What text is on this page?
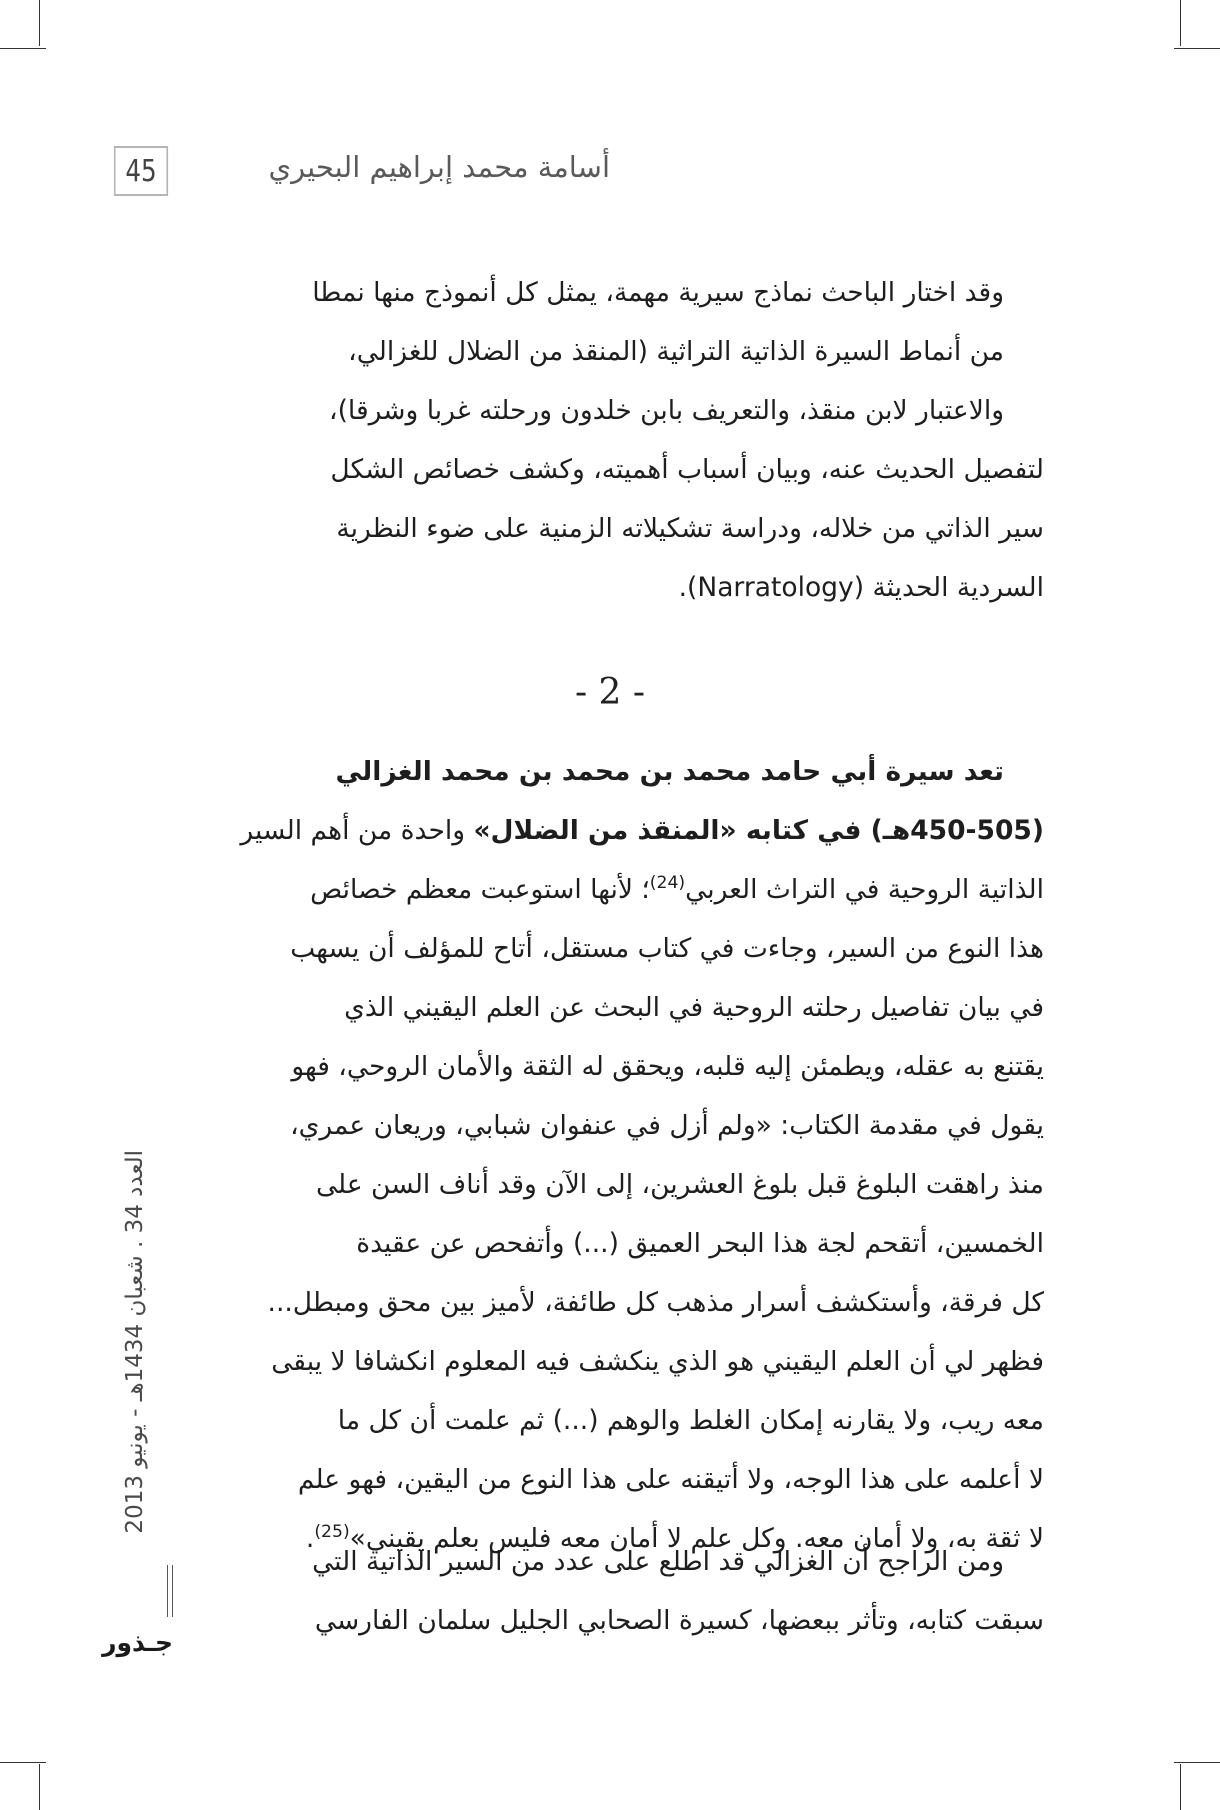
45	أسامة محمد إبراهيم البحيري

وقد اختار الباحث نماذج سيرية مهمة، يمثل كل أنموذج منها نمطا

من أنماط السيرة الذاتية التراثية (المنقذ من الضلال للغزالي،

والاعتبار لابن منقذ، والتعريف بابن خلدون ورحلته غربا وشرقا)،

لتفصيل الحديث عنه، وبيان أسباب أهميته، وكشف خصائص الشكل

سير الذاتي من خلاله، ودراسة تشكيلاته الزمنية على ضوء النظرية

السردية الحديثة (Narratology).

- 2 -

تعد سيرة أبي حامد محمد بن محمد بن محمد الغزالي

(450-505هـ) في كتابه «المنقذ من الضلال» واحدة من أهم السير

الذاتية الروحية في التراث العربي$^{(24)}$؛ لأنها استوعبت معظم خصائص

هذا النوع من السير، وجاءت في كتاب مستقل، أتاح للمؤلف أن يسهب

في بيان تفاصيل رحلته الروحية في البحث عن العلم اليقيني الذي

يقتنع به عقله، ويطمئن إليه قلبه، ويحقق له الثقة والأمان الروحي، فهو

يقول في مقدمة الكتاب: «ولم أزل في عنفوان شبابي، وريعان عمري،

منذ راهقت البلوغ قبل بلوغ العشرين، إلى الآن وقد أناف السن على

الخمسين، أتقحم لجة هذا البحر العميق (...) وأتفحص عن عقيدة

كل فرقة، وأستكشف أسرار مذهب كل طائفة، لأميز بين محق ومبطل...

فظهر لي أن العلم اليقيني هو الذي ينكشف فيه المعلوم انكشافا لا يبقى

معه ريب، ولا يقارنه إمكان الغلط والوهم (...) ثم علمت أن كل ما

لا أعلمه على هذا الوجه، ولا أتيقنه على هذا النوع من اليقين، فهو علم

لا ثقة به، ولا أمان معه. وكل علم لا أمان معه فليس بعلم يقيني»$^{(25)}$.

ومن الراجح أن الغزالي قد اطلع على عدد من السير الذاتية التي

سبقت كتابه، وتأثر ببعضها، كسيرة الصحابي الجليل سلمان الفارسي

العدد 34 . شعبان 1434هـ - يونيو 2013
جـذور
